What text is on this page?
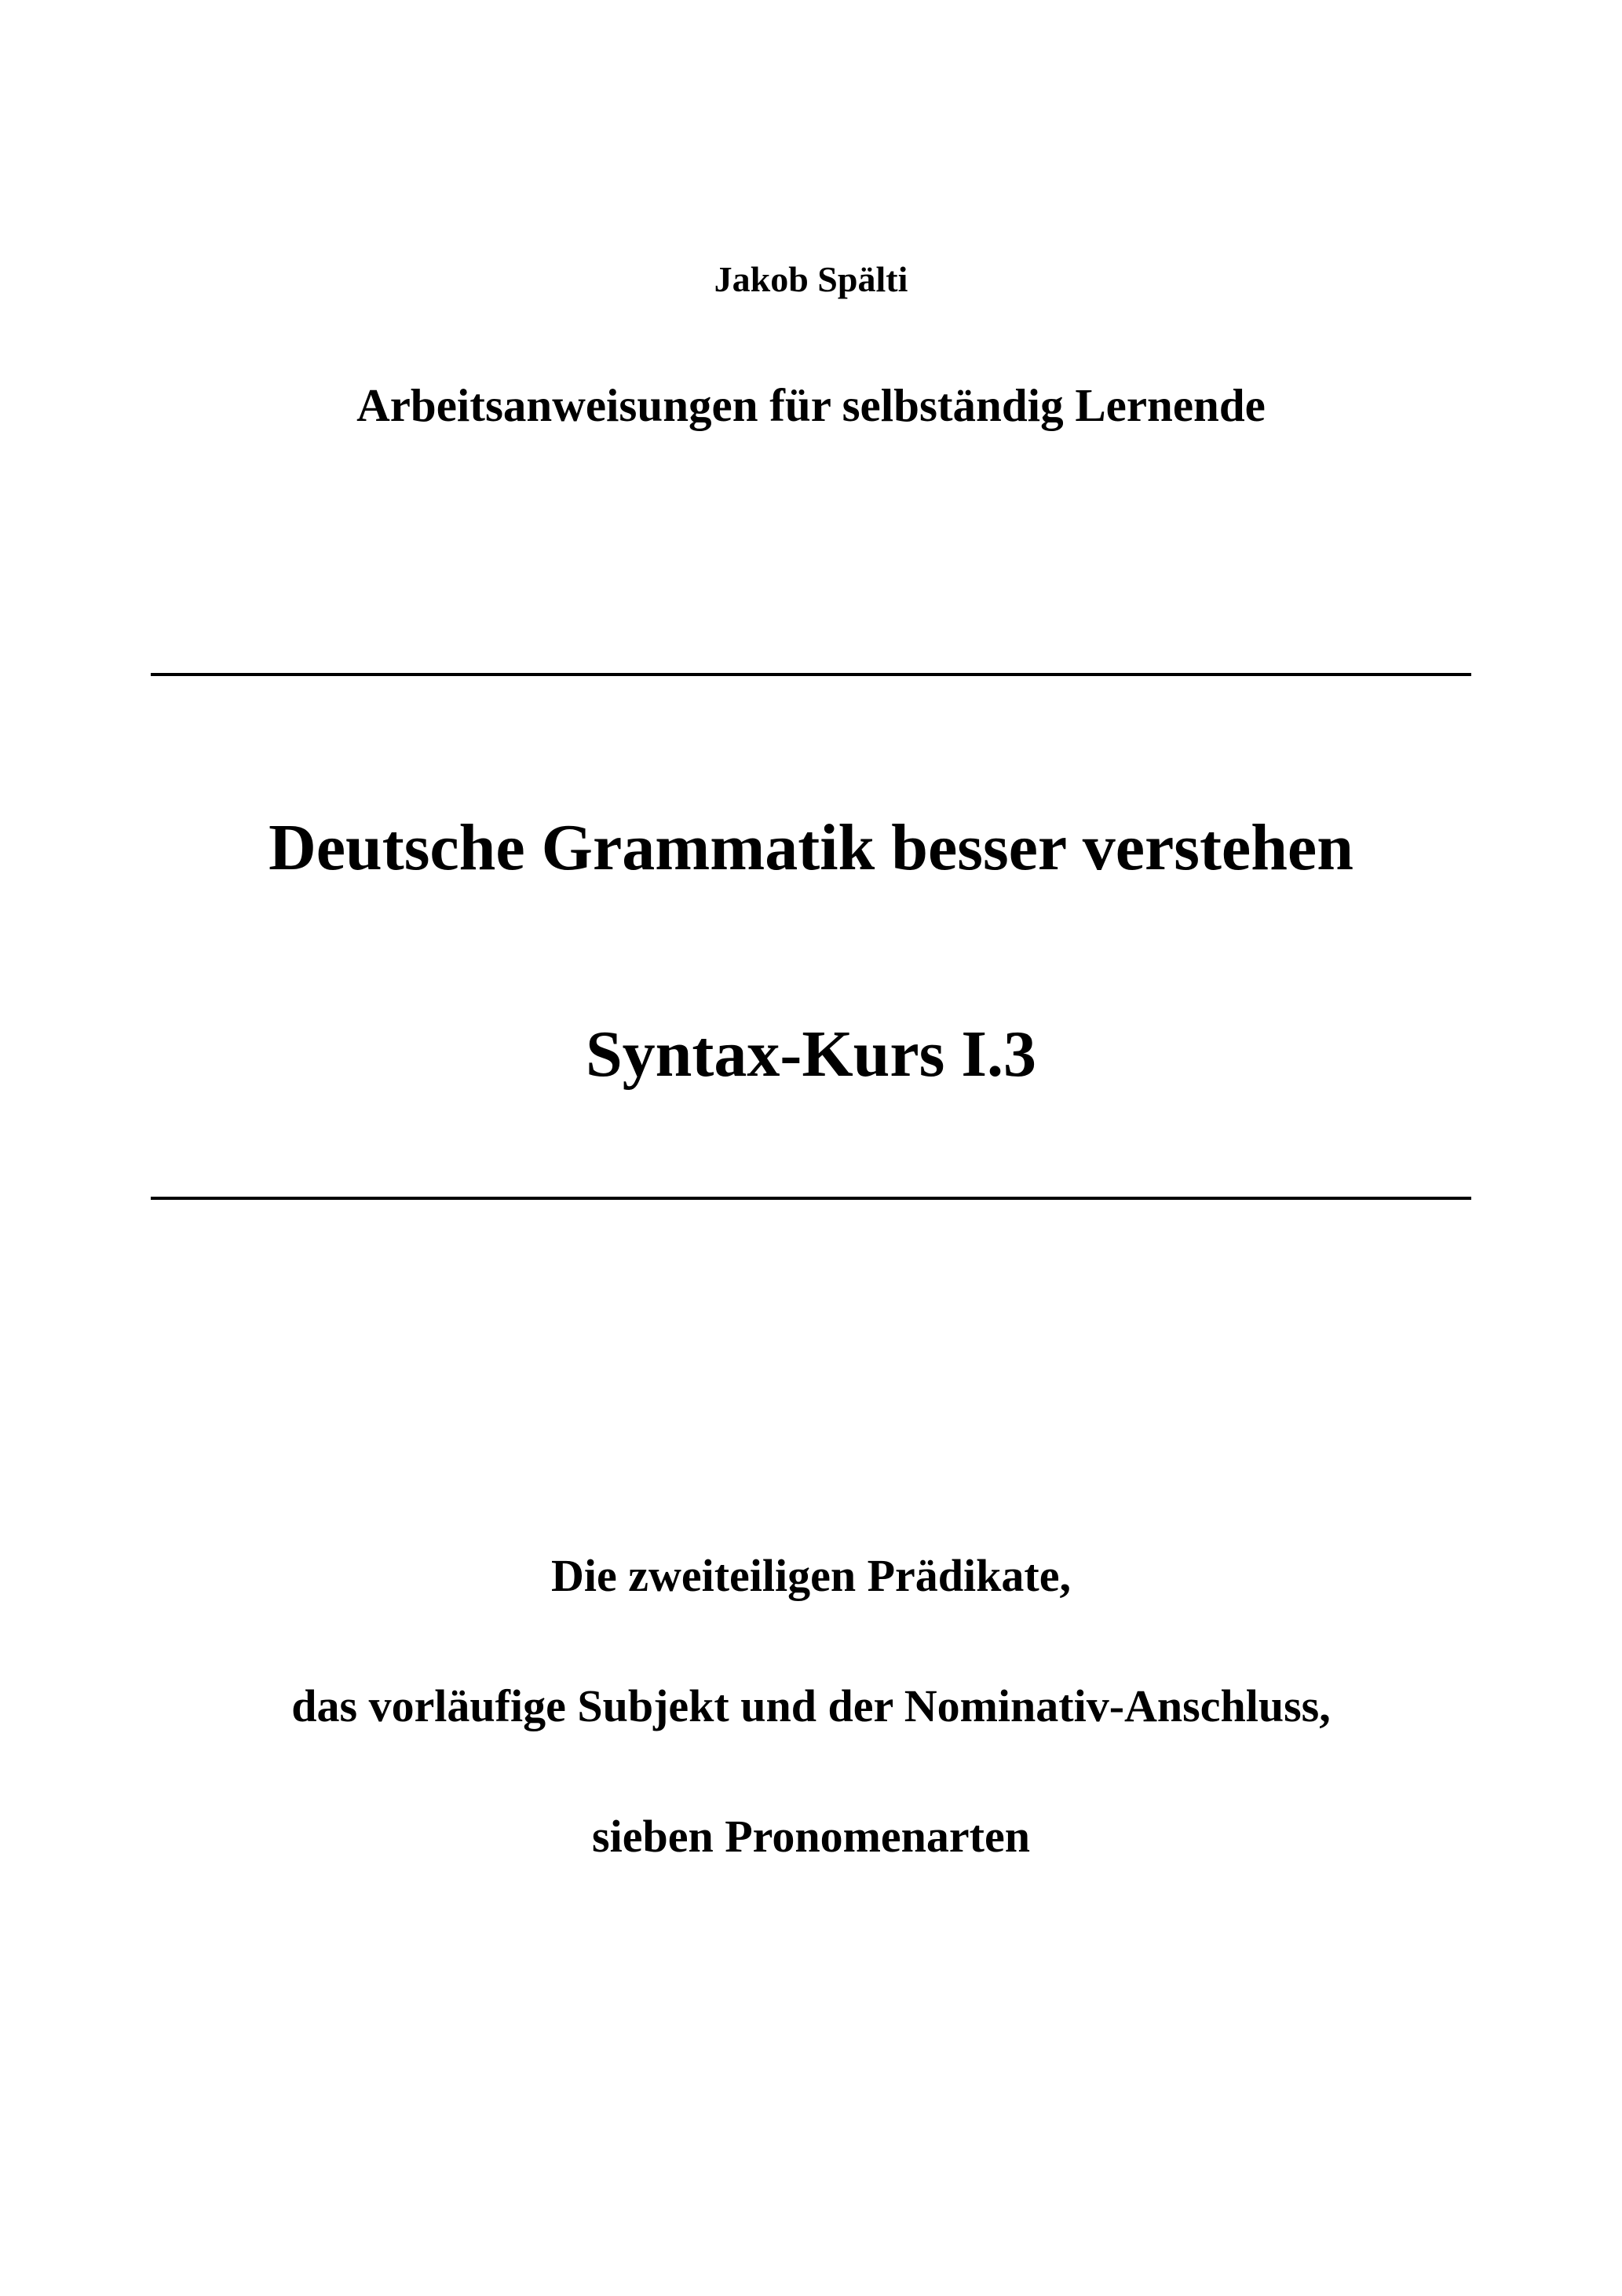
Jakob Spälti
Arbeitsanweisungen für selbständig Lernende
Deutsche Grammatik besser verstehen
Syntax-Kurs I.3

Die zweiteiligen Prädikate,

das vorläufige Subjekt und der Nominativ-Anschluss,

sieben Pronomenarten
